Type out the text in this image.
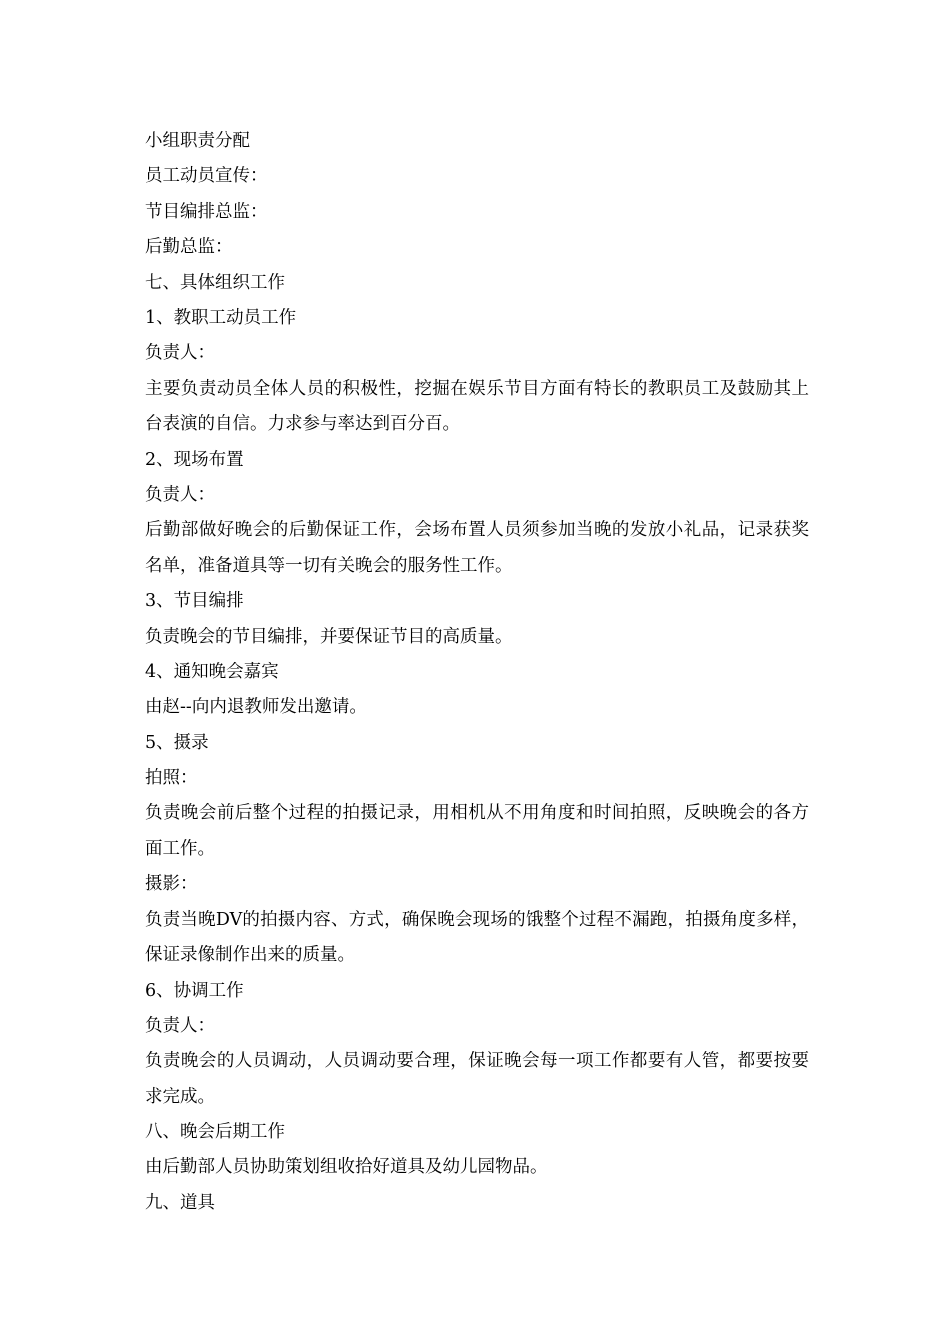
小组职责分配
员工动员宣传：
节目编排总监：
后勤总监：
七、具体组织工作
1、教职工动员工作
负责人：
主要负责动员全体人员的积极性，挖掘在娱乐节目方面有特长的教职员工及鼓励其上台表演的自信。力求参与率达到百分百。
2、现场布置
负责人：
后勤部做好晚会的后勤保证工作，会场布置人员须参加当晚的发放小礼品，记录获奖名单，准备道具等一切有关晚会的服务性工作。
3、节目编排
负责晚会的节目编排，并要保证节目的高质量。
4、通知晚会嘉宾
由赵--向内退教师发出邀请。
5、摄录
拍照：
负责晚会前后整个过程的拍摄记录，用相机从不用角度和时间拍照，反映晚会的各方面工作。
摄影：
负责当晚DV的拍摄内容、方式，确保晚会现场的饿整个过程不漏跑，拍摄角度多样，保证录像制作出来的质量。
6、协调工作
负责人：
负责晚会的人员调动，人员调动要合理，保证晚会每一项工作都要有人管，都要按要求完成。
八、晚会后期工作
由后勤部人员协助策划组收拾好道具及幼儿园物品。
九、道具
